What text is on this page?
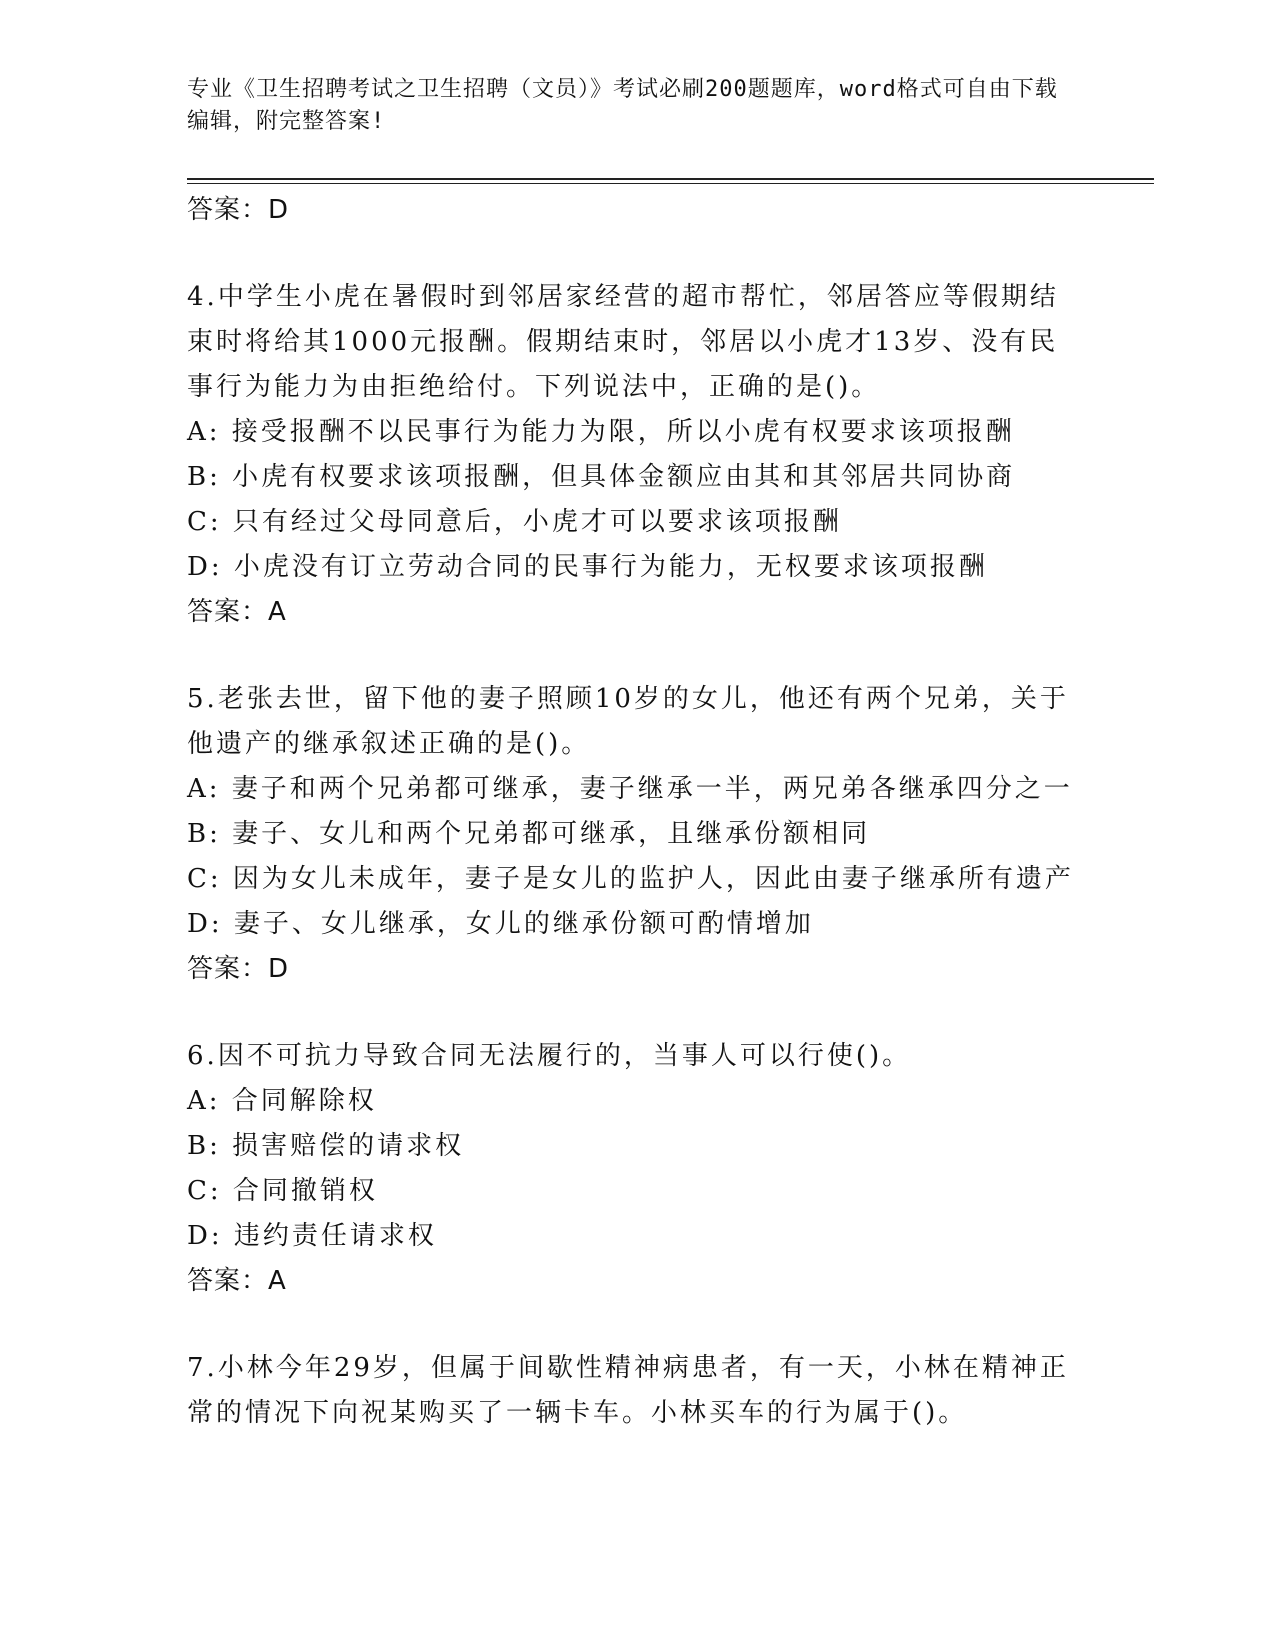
专业《卫生招聘考试之卫生招聘（文员）》考试必刷200题题库，word格式可自由下载编辑，附完整答案!
答案：D
4.中学生小虎在暑假时到邻居家经营的超市帮忙，邻居答应等假期结束时将给其1000元报酬。假期结束时，邻居以小虎才13岁、没有民事行为能力为由拒绝给付。下列说法中，正确的是()。
A: 接受报酬不以民事行为能力为限，所以小虎有权要求该项报酬
B: 小虎有权要求该项报酬，但具体金额应由其和其邻居共同协商
C: 只有经过父母同意后，小虎才可以要求该项报酬
D: 小虎没有订立劳动合同的民事行为能力，无权要求该项报酬
答案：A
5.老张去世，留下他的妻子照顾10岁的女儿，他还有两个兄弟，关于他遗产的继承叙述正确的是()。
A: 妻子和两个兄弟都可继承，妻子继承一半，两兄弟各继承四分之一
B: 妻子、女儿和两个兄弟都可继承，且继承份额相同
C: 因为女儿未成年，妻子是女儿的监护人，因此由妻子继承所有遗产
D: 妻子、女儿继承，女儿的继承份额可酌情增加
答案：D
6.因不可抗力导致合同无法履行的，当事人可以行使()。
A: 合同解除权
B: 损害赔偿的请求权
C: 合同撤销权
D: 违约责任请求权
答案：A
7.小林今年29岁，但属于间歇性精神病患者，有一天，小林在精神正常的情况下向祝某购买了一辆卡车。小林买车的行为属于()。
